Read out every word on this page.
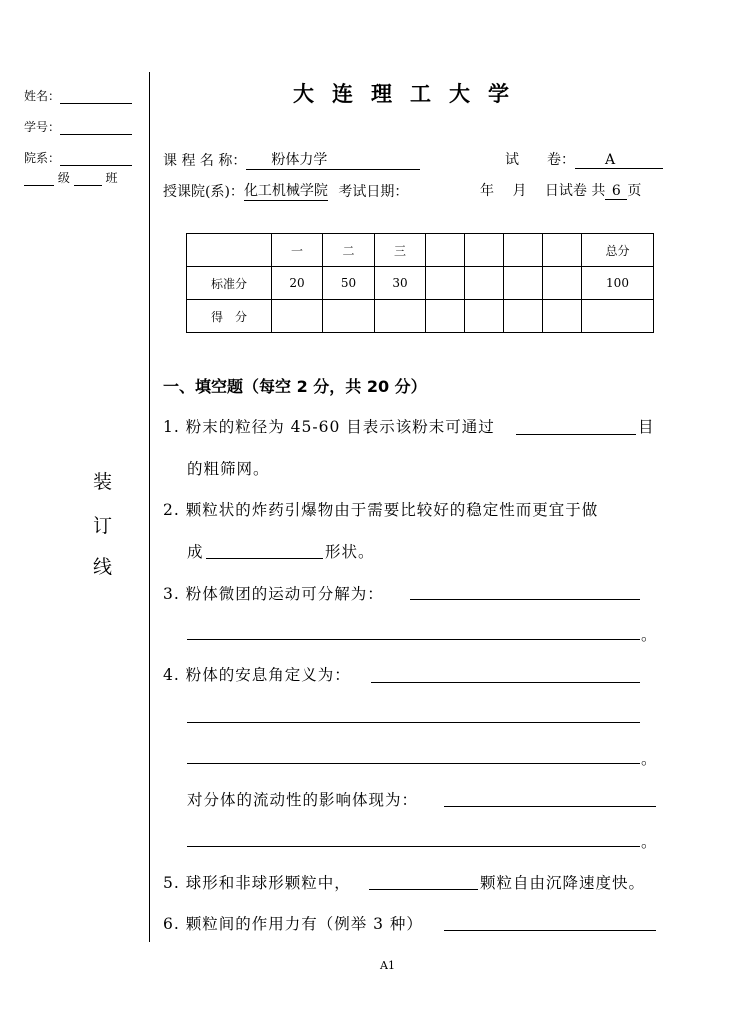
姓名：
学号：
院系：
级	班
装
订
线
大连理工大学
课 程 名 称： 粉体力学	试　　卷： A
授课院(系)：化工机械学院 考试日期：	年　 月　 日试卷 共 6 页
	一	二	三					总分
标准分	20	50	30					100
得　分								
一、填空题（每空 2 分，共 20 分）
1. 粉末的粒径为 45-60 目表示该粉末可通过	目
的粗筛网。
2. 颗粒状的炸药引爆物由于需要比较好的稳定性而更宜于做
成	形状。
3. 粉体微团的运动可分解为：
。
4. 粉体的安息角定义为：
。
对分体的流动性的影响体现为：
。
5. 球形和非球形颗粒中，	颗粒自由沉降速度快。
6. 颗粒间的作用力有（例举 3 种）
A1
